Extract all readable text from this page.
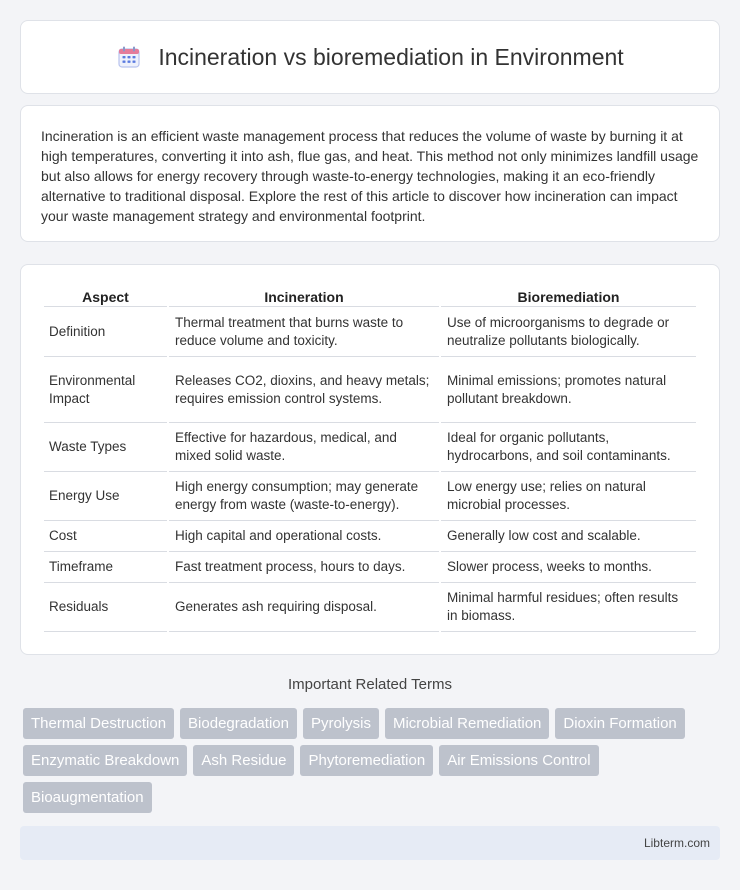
Incineration vs bioremediation in Environment

Incineration is an efficient waste management process that reduces the volume of waste by burning it at high temperatures, converting it into ash, flue gas, and heat. This method not only minimizes landfill usage but also allows for energy recovery through waste-to-energy technologies, making it an eco-friendly alternative to traditional disposal. Explore the rest of this article to discover how incineration can impact your waste management strategy and environmental footprint.

Aspect	Incineration	Bioremediation
Definition	Thermal treatment that burns waste to reduce volume and toxicity.	Use of microorganisms to degrade or neutralize pollutants biologically.
Environmental Impact	Releases CO2, dioxins, and heavy metals; requires emission control systems.	Minimal emissions; promotes natural pollutant breakdown.
Waste Types	Effective for hazardous, medical, and mixed solid waste.	Ideal for organic pollutants, hydrocarbons, and soil contaminants.
Energy Use	High energy consumption; may generate energy from waste (waste-to-energy).	Low energy use; relies on natural microbial processes.
Cost	High capital and operational costs.	Generally low cost and scalable.
Timeframe	Fast treatment process, hours to days.	Slower process, weeks to months.
Residuals	Generates ash requiring disposal.	Minimal harmful residues; often results in biomass.
Important Related Terms
Thermal Destruction	Biodegradation	Pyrolysis	Microbial Remediation	Dioxin Formation
Enzymatic Breakdown	Ash Residue	Phytoremediation	Air Emissions Control
Bioaugmentation
Libterm.com
